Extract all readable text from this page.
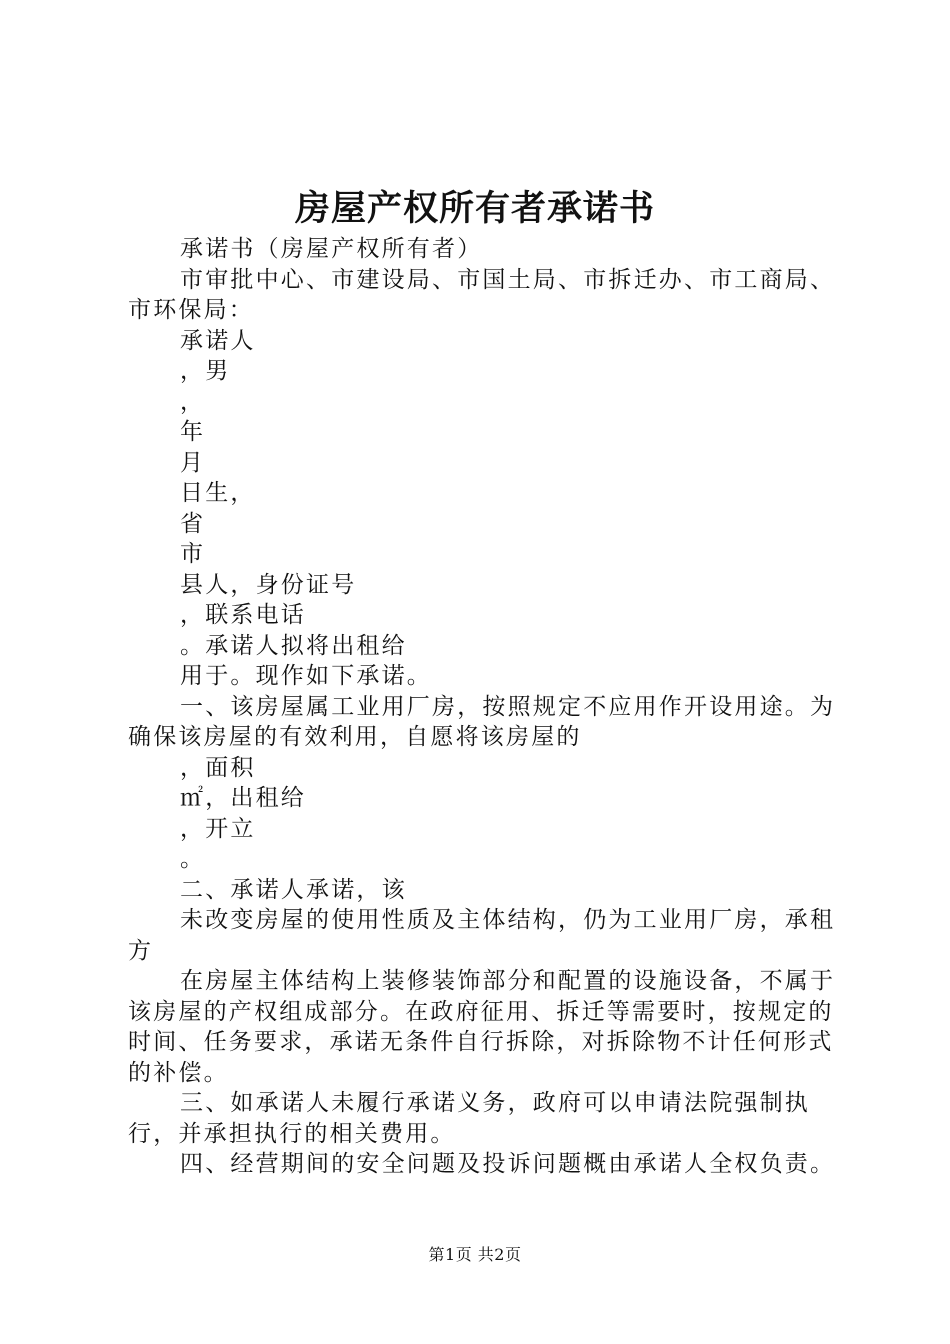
房屋产权所有者承诺书

承诺书（房屋产权所有者）

市审批中心、市建设局、市国土局、市拆迁办、市工商局、市环保局：

承诺人

，男

，

年

月

日生，

省

市

县人，身份证号

，联系电话

。承诺人拟将出租给

用于。现作如下承诺。

一、该房屋属工业用厂房，按照规定不应用作开设用途。为确保该房屋的有效利用，自愿将该房屋的

，面积

㎡，出租给

，开立

。

二、承诺人承诺，该

未改变房屋的使用性质及主体结构，仍为工业用厂房，承租方

在房屋主体结构上装修装饰部分和配置的设施设备，不属于该房屋的产权组成部分。在政府征用、拆迁等需要时，按规定的时间、任务要求，承诺无条件自行拆除，对拆除物不计任何形式的补偿。

三、如承诺人未履行承诺义务，政府可以申请法院强制执行，并承担执行的相关费用。

四、经营期间的安全问题及投诉问题概由承诺人全权负责。

第1页 共2页
